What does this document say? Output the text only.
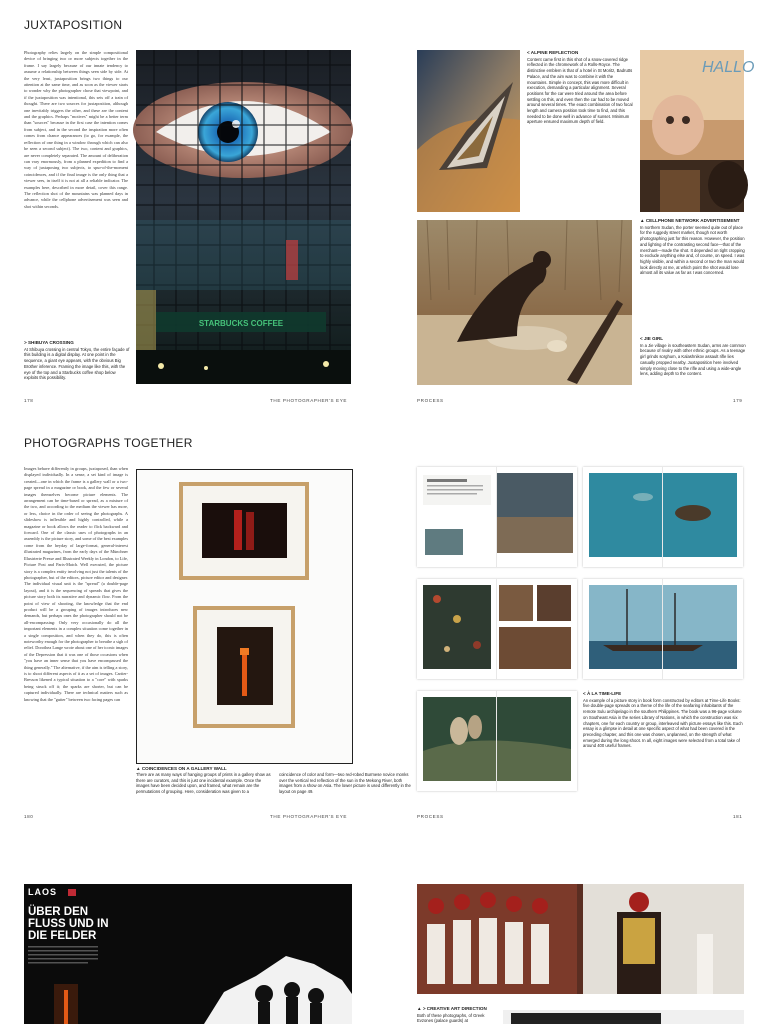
JUXTAPOSITION
Photography relies largely on the simple compositional device of bringing two or more subjects together in the frame. I say largely because of our innate tendency to assume a relationship between things seen side by side. At the very least, juxtaposition brings two things to our attention at the same time, and as soon as the viewer starts to wonder why the photographer chose that viewpoint, and if the juxtaposition was intentional, this sets off a train of thought. There are two sources for juxtaposition, although one inevitably triggers the other, and these are the content and the graphics. Perhaps "motives" might be a better term than "sources" because in the first case the intention comes from subject, and in the second the inspiration more often comes from chance appearances (to go, for example, the reflection of one thing in a window through which can also be seen a second subject). The two, content and graphics, are never completely separated. The amount of deliberation can vary enormously, from a planned expedition to find a way of juxtaposing two subjects, to spur-of-the-moment coincidences, and if the final image is the only thing that a viewer sees, in itself it is not at all a reliable indicator. The examples here, described in more detail, cover this range. The reflection shot of the mountains was planned days in advance, while the cellphone advertisement was seen and shot within seconds.
STARBUCKS COFFEE
> SHIBUYA CROSSING
At Shibuya crossing in central Tokyo, the entire façade of this building is a digital display. At one point in the sequence, a giant eye appears, with the obvious Big Brother inference. Framing the image like this, with the eye of the top and a Starbucks coffee shop below exploits this possibility.
178	THE PHOTOGRAPHER'S EYE
< ALPINE REFLECTION
Content came first in this shot of a snow-covered ridge reflected in the chromework of a Rolls-Royce. The distinctive emblem is that of a hotel in St Moritz, Badrutts Palace, and the aim was to combine it with the mountains. Simple in concept, this was more difficult in execution, demanding a particular alignment. Several positions for the car were tried around the area before settling on this, and even then the car had to be moved around several times. The exact combination of two focal length and camera position took time to find, and this needed to be done well in advance of sunset. Minimum aperture ensured maximum depth of field.
HALLO
▲ CELLPHONE NETWORK ADVERTISEMENT
In northern Sudan, the porter seemed quite out of place for the ruggedy street market, though not worth photographing just for this reason. However, the position and lighting of the contrasting second face—that of the merchant—made the shot. It depended on tight cropping to exclude anything else and, of course, on speed. I was highly visible, and within a second or two the man would look directly at me, at which point the shot would lose almost all its value as far as I was concerned.
< JIE GIRL
In a Jie village in southeastern Sudan, arms are common because of rivalry with other ethnic groups. As a teenage girl grinds sorghum, a Kalashnikov assault rifle lies casually propped nearby. Juxtaposition here involved simply moving close to the rifle and using a wide-angle lens, adding depth to the content.
PROCESS	179
PHOTOGRAPHS TOGETHER
Images behave differently in groups, juxtaposed, than when displayed individually. In a sense, a set kind of image is created—one in which the frame is a gallery wall or a two-page spread in a magazine or book, and the few or several images themselves become picture elements. The arrangement can be time-based or spread, as a mixture of the two, and according to the medium the viewer has more, or less, choice in the order of seeing the photographs. A slideshow is inflexible and highly controlled, while a magazine or book allows the reader to flick backward and forward. One of the classic uses of photographs in an assembly is the picture story, and some of the best examples come from the heyday of large-format, general-interest illustrated magazines, from the early days of the Münchner Illustrierte Presse and Illustrated Weekly in London, to Life, Picture Post and Paris-Match. Well executed, the picture story is a complex entity involving not just the talents of the photographer, but of the editors, picture editor and designer. The individual visual unit is the "spread" (a double-page layout), and it is the sequencing of spreads that gives the picture story both its narrative and dynamic flow. From the point of view of shooting, the knowledge that the end product will be a grouping of images introduces new demands, but perhaps ones the photographer should not be all-encompassing: Only very occasionally do all the important elements in a complex situation come together in a single composition, and when they do, this is often noteworthy enough for the photographer to breathe a sigh of relief. Dorothea Lange wrote about one of her iconic images of the Depression that it was one of those occasions when "you have an inner sense that you have encompassed the thing generally." The alternative, if the aim is telling a story, is to shoot different aspects of it as a set of images. Cartier-Bresson likened a typical situation to a "core" with sparks being struck off it; the sparks are shorter, but can be captured individually. There are technical matters such as knowing that the "gutter" between two facing pages can
▲ COINCIDENCES ON A GALLERY WALL
There are as many ways of hanging groups of prints in a gallery show as there are curators, and this is just one incidental example. Once the images have been decided upon, and framed, what remain are the permutations of grouping. Here, consideration was given to a coincidence of color and form—two red-robed Burmese novice monks over the vertical red reflection of the sun in the Mekong River, both images from a show on Asia. The lower picture is used differently in the layout on page 49.
180	THE PHOTOGRAPHER'S EYE
< À LA TIME-LIFE
An example of a picture story in book form constructed by editors at Time-Life Books: five double-page spreads on a theme of the life of the seafaring inhabitants of the remote Sulu archipelago in the southern Philippines. The book was a 96-page volume on Southeast Asia in the series Library of Nations, in which the construction was six chapters, one for each country or group, interleaved with picture essays like this. Each essay is a glimpse in detail at one specific aspect of what had been covered in the preceding chapter, and this one was chosen, unplanned, on the strength of what emerged during the long shoot. In all, eight images were selected from a total take of around 400 useful frames.
PROCESS	181
LAOS
ÜBER DEN
FLUSS UND IN
DIE FELDER
▲ > CREATIVE ART DIRECTION
Both of these photographs, of Greek Evzones (palace guards) at
